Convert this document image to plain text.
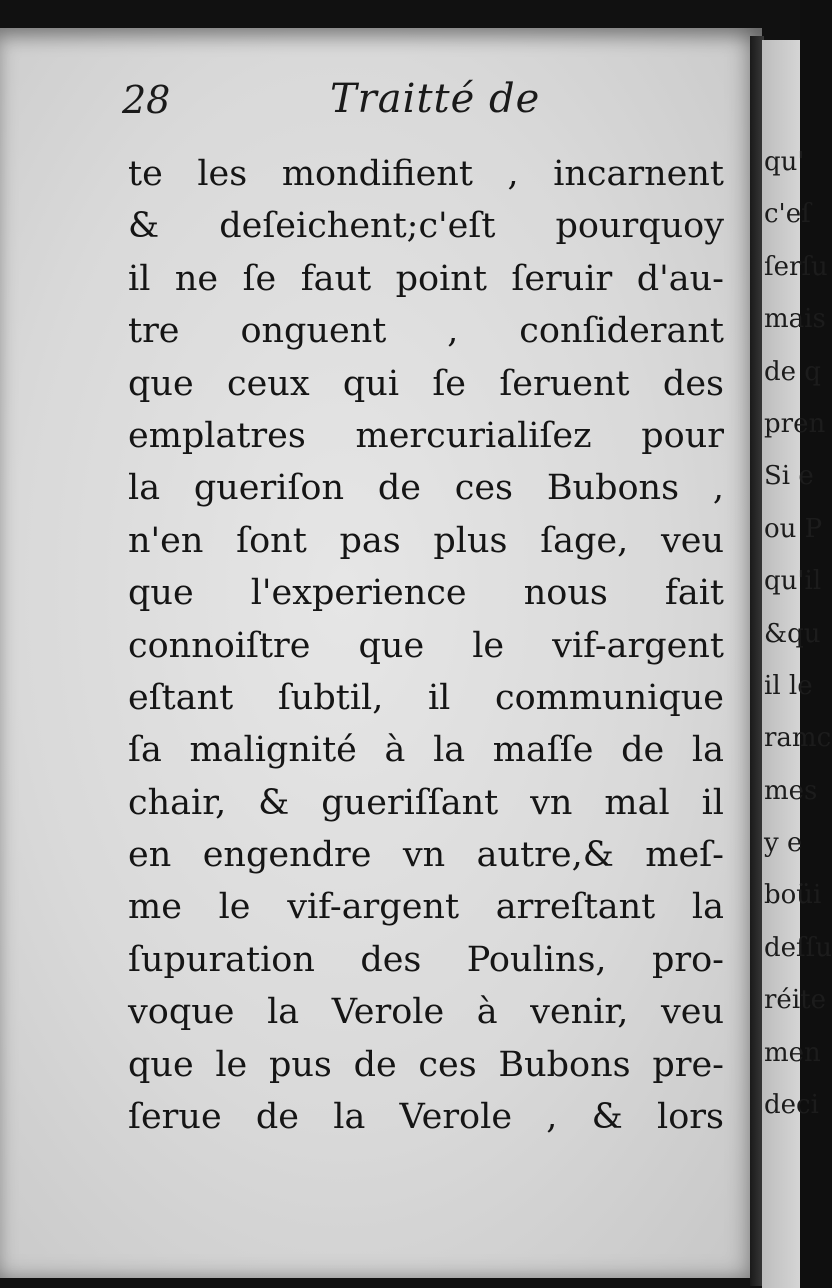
28	Traitté de
te les mondifient , incarnent
& deſeichent;c'eſt pourquoy
il ne ſe faut point ſeruir d'au-
tre onguent , conſiderant
que ceux qui ſe ſeruent des
emplatres mercurialiſez pour
la gueriſon de ces Bubons ,
n'en ſont pas plus ſage, veu
que l'experience nous fait
connoiſtre que le vif-argent
eſtant ſubtil, il communique
ſa malignité à la maſſe de la
chair, & gueriſſant vn mal il
en engendre vn autre,& meſ-
me le vif-argent arreſtant la
ſupuration des Poulins, pro-
voque la Verole à venir, veu
que le pus de ces Bubons pre-
ſerue de la Verole , & lors
qu'
c'eſ
ſerſu
mais
de q
pren
Si e
ou P
qu'il
&qu
il le
ramc
mes
y e
boüi
deſſu
réite
men
deci
